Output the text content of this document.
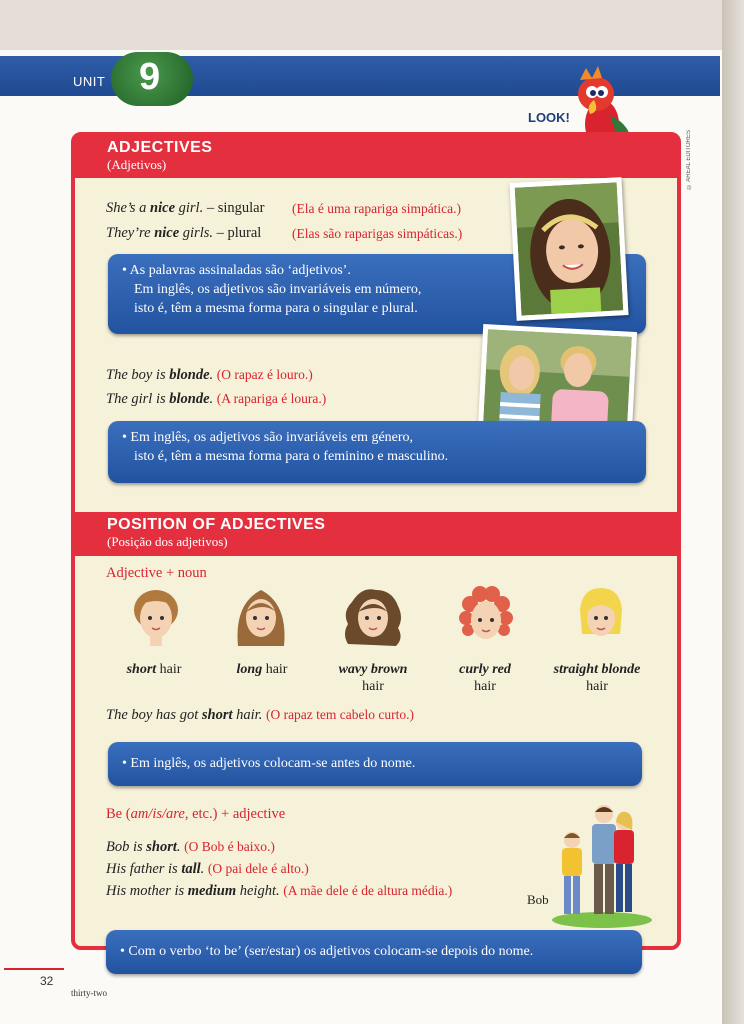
UNIT 9
LOOK!
© AREAL EDITORES
ADJECTIVES
(Adjetivos)
She’s a nice girl. – singular (Ela é uma rapariga simpática.)
They’re nice girls. – plural (Elas são raparigas simpáticas.)
• As palavras assinaladas são ‘adjetivos’.
Em inglês, os adjetivos são invariáveis em número,
isto é, têm a mesma forma para o singular e plural.
The boy is blonde. (O rapaz é louro.)
The girl is blonde. (A rapariga é loura.)
• Em inglês, os adjetivos são invariáveis em género,
isto é, têm a mesma forma para o feminino e masculino.
POSITION OF ADJECTIVES
(Posição dos adjetivos)
Adjective + noun
short hair	long hair	wavy brown
hair
curly red
hair
straight blonde
hair
The boy has got short hair. (O rapaz tem cabelo curto.)
• Em inglês, os adjetivos colocam-se antes do nome.
Be (am/is/are, etc.) + adjective
Bob is short. (O Bob é baixo.)
His father is tall. (O pai dele é alto.)
His mother is medium height. (A mãe dele é de altura média.)
Bob
• Com o verbo ‘to be’ (ser/estar) os adjetivos colocam-se depois do nome.
32
thirty-two
